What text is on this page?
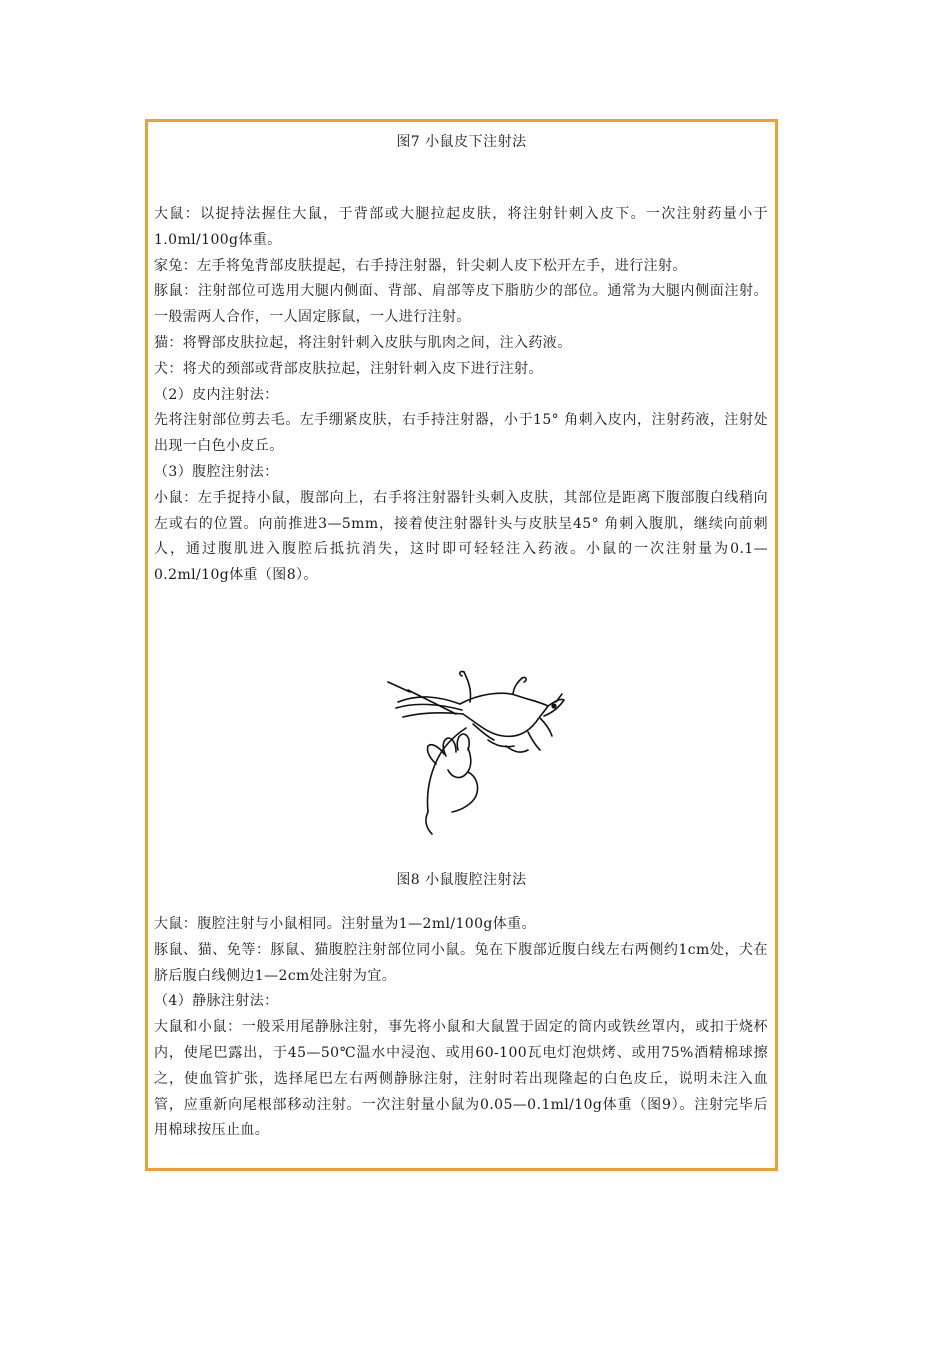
图7 小鼠皮下注射法

大鼠：以捉持法握住大鼠，于背部或大腿拉起皮肤，将注射针刺入皮下。一次注射药量小于1.0ml/100g体重。

家兔：左手将兔背部皮肤提起，右手持注射器，针尖刺人皮下松开左手，进行注射。

豚鼠：注射部位可选用大腿内侧面、背部、肩部等皮下脂肪少的部位。通常为大腿内侧面注射。一般需两人合作，一人固定豚鼠，一人进行注射。

猫：将臀部皮肤拉起，将注射针刺入皮肤与肌肉之间，注入药液。

犬：将犬的颈部或背部皮肤拉起，注射针刺入皮下进行注射。

（2）皮内注射法：

先将注射部位剪去毛。左手绷紧皮肤，右手持注射器，小于15° 角刺入皮内，注射药液，注射处出现一白色小皮丘。

（3）腹腔注射法：

小鼠：左手捉持小鼠，腹部向上，右手将注射器针头刺入皮肤，其部位是距离下腹部腹白线稍向左或右的位置。向前推进3—5mm，接着使注射器针头与皮肤呈45° 角刺入腹肌，继续向前刺人，通过腹肌进入腹腔后抵抗消失，这时即可轻轻注入药液。小鼠的一次注射量为0.1—0.2ml/10g体重（图8）。

图8 小鼠腹腔注射法

大鼠：腹腔注射与小鼠相同。注射量为1—2ml/100g体重。

豚鼠、猫、免等：豚鼠、猫腹腔注射部位同小鼠。兔在下腹部近腹白线左右两侧约1cm处，犬在脐后腹白线侧边1—2cm处注射为宜。

（4）静脉注射法：

大鼠和小鼠：一般采用尾静脉注射，事先将小鼠和大鼠置于固定的筒内或铁丝罩内，或扣于烧杯内，使尾巴露出，于45—50℃温水中浸泡、或用60-100瓦电灯泡烘烤、或用75%酒精棉球擦之，使血管扩张，选择尾巴左右两侧静脉注射，注射时若出现隆起的白色皮丘，说明未注入血管，应重新向尾根部移动注射。一次注射量小鼠为0.05—0.1ml/10g体重（图9）。注射完毕后用棉球按压止血。
